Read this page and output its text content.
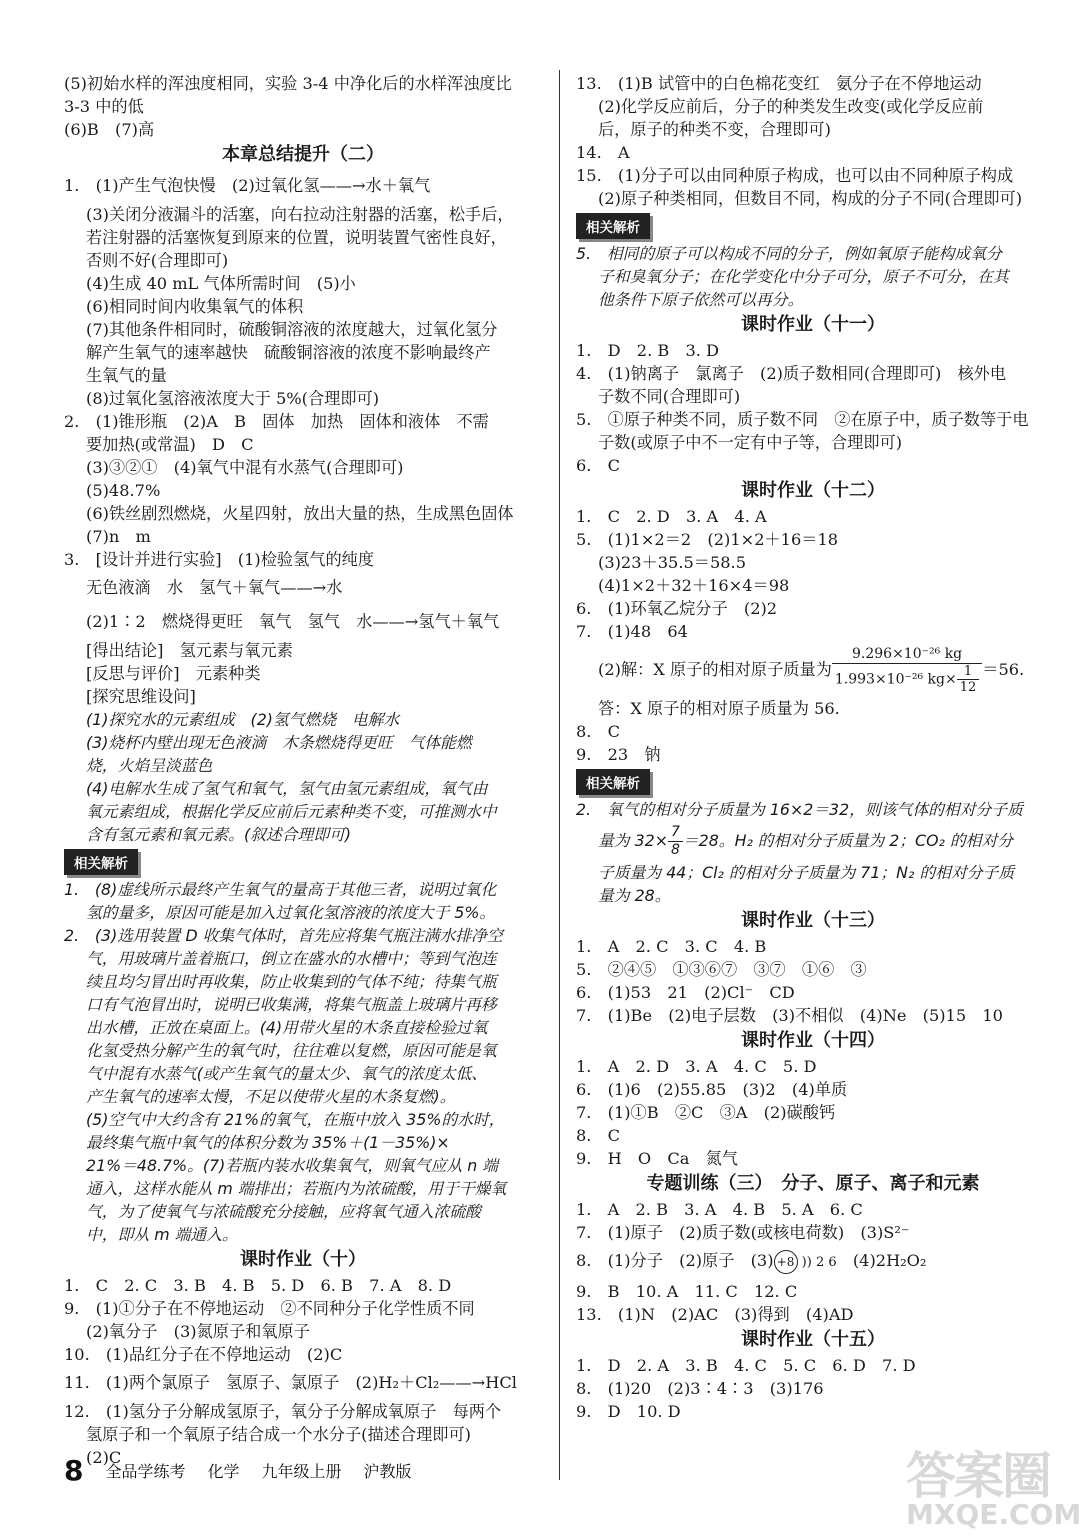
(5)初始水样的浑浊度相同，实验 3-4 中净化后的水样浑浊度比
3-3 中的低
(6)B　(7)高
本章总结提升（二）
1.　(1)产生气泡快慢　(2)过氧化氢
——→水＋氧气
(3)关闭分液漏斗的活塞，向右拉动注射器的活塞，松手后，
若注射器的活塞恢复到原来的位置，说明装置气密性良好，
否则不好(合理即可)
(4)生成 40 mL 气体所需时间　(5)小
(6)相同时间内收集氧气的体积
(7)其他条件相同时，硫酸铜溶液的浓度越大，过氧化氢分
解产生氧气的速率越快　硫酸铜溶液的浓度不影响最终产
生氧气的量
(8)过氧化氢溶液浓度大于 5%(合理即可)
2.　(1)锥形瓶　(2)A　B　固体　加热　固体和液体　不需
要加热(或常温)　D　C
(3)③②①　(4)氧气中混有水蒸气(合理即可)
(5)48.7%
(6)铁丝剧烈燃烧，火星四射，放出大量的热，生成黑色固体
(7)n　m
3.　[设计并进行实验]　(1)检验氢气的纯度
无色液滴　水　氢气＋氧气
——→水
(2)1∶2　燃烧得更旺　氧气　氢气　水
——→氢气＋氧气
[得出结论]　氢元素与氧元素
[反思与评价]　元素种类
[探究思维设问]
(1)探究水的元素组成　(2)氢气燃烧　电解水
(3)烧杯内壁出现无色液滴　木条燃烧得更旺　气体能燃
烧，火焰呈淡蓝色
(4)电解水生成了氢气和氧气，氢气由氢元素组成，氧气由
氧元素组成，根据化学反应前后元素种类不变，可推测水中
含有氢元素和氧元素。(叙述合理即可)
相关解析
1.　(8)虚线所示最终产生氧气的量高于其他三者，说明过氧化
氢的量多，原因可能是加入过氧化氢溶液的浓度大于 5%。
2.　(3)选用装置 D 收集气体时，首先应将集气瓶注满水排净空
气，用玻璃片盖着瓶口，倒立在盛水的水槽中；等到气泡连
续且均匀冒出时再收集，防止收集到的气体不纯；待集气瓶
口有气泡冒出时，说明已收集满，将集气瓶盖上玻璃片再移
出水槽，正放在桌面上。(4)用带火星的木条直接检验过氧
化氢受热分解产生的氧气时，往往难以复燃，原因可能是氧
气中混有水蒸气(或产生氧气的量太少、氧气的浓度太低、
产生氧气的速率太慢，不足以使带火星的木条复燃)。
(5)空气中大约含有 21%的氧气，在瓶中放入 35%的水时，
最终集气瓶中氧气的体积分数为 35%＋(1－35%)×
21%＝48.7%。(7)若瓶内装水收集氧气，则氧气应从 n 端
通入，这样水能从 m 端排出；若瓶内为浓硫酸，用于干燥氧
气，为了使氧气与浓硫酸充分接触，应将氧气通入浓硫酸
中，即从 m 端通入。
课时作业（十）
1.　C　2. C　3. B　4. B　5. D　6. B　7. A　8. D
9.　(1)①分子在不停地运动　②不同种分子化学性质不同
(2)氧分子　(3)氮原子和氧原子
10.　(1)品红分子在不停地运动　(2)C
11.　(1)两个氯原子　氢原子、氯原子　(2)H₂＋Cl₂
——→HCl
12.　(1)氢分子分解成氢原子，氧分子分解成氧原子　每两个
氢原子和一个氧原子结合成一个水分子(描述合理即可)
(2)C
13.　(1)B 试管中的白色棉花变红　氨分子在不停地运动
(2)化学反应前后，分子的种类发生改变(或化学反应前
后，原子的种类不变，合理即可)
14.　A
15.　(1)分子可以由同种原子构成，也可以由不同种原子构成
(2)原子种类相同，但数目不同，构成的分子不同(合理即可)
相关解析
5.　相同的原子可以构成不同的分子，例如氧原子能构成氧分
子和臭氧分子；在化学变化中分子可分，原子不可分，在其
他条件下原子依然可以再分。
课时作业（十一）
1.　D　2. B　3. D
4.　(1)钠离子　氯离子　(2)质子数相同(合理即可)　核外电
子数不同(合理即可)
5.　①原子种类不同，质子数不同　②在原子中，质子数等于电
子数(或原子中不一定有中子等，合理即可)
6.　C
课时作业（十二）
1.　C　2. D　3. A　4. A
5.　(1)1×2＝2　(2)1×2＋16＝18
(3)23＋35.5＝58.5
(4)1×2＋32＋16×4＝98
6.　(1)环氧乙烷分子　(2)2
7.　(1)48　64
(2)解：X 原子的相对原子质量为 $\frac{\text{9.296×10⁻²⁶ kg}}{1.993\times 10^{-26} kg\times \frac{1}{12}} =56$.
答：X 原子的相对原子质量为 56.
8.　C
9.　23　钠
相关解析
2.　氧气的相对分子质量为 16×2＝32，则该气体的相对分子质
量为 $32\times \frac{7}{8} =28$。H₂ 的相对分子质量为 2；CO₂ 的相对分
子质量为 44；Cl₂ 的相对分子质量为 71；N₂ 的相对分子质
量为 28。
课时作业（十三）
1.　A　2. C　3. C　4. B
5.　②④⑤　①③⑥⑦　③⑦　①⑥　③
6.　(1)53　21　(2)Cl⁻　CD
7.　(1)Be　(2)电子层数　(3)不相似　(4)Ne　(5)15　10
课时作业（十四）
1.　A　2. D　3. A　4. C　5. D
6.　(1)6　(2)55.85　(3)2　(4)单质
7.　(1)①B　②C　③A　(2)碳酸钙
8.　C
9.　H　O　Ca　氮气
专题训练（三）　分子、原子、离子和元素
1.　A　2. B　3. A　4. B　5. A　6. C
7.　(1)原子　(2)质子数(或核电荷数)　(3)S²⁻
8.　(1)分子　(2)原子　(3) +8 )) 2 6　 (4)2H₂O₂
9.　B　10. A　11. C　12. C
13.　(1)N　(2)AC　(3)得到　(4)AD
课时作业（十五）
1.　D　2. A　3. B　4. C　5. C　6. D　7. D
8.　(1)20　(2)3∶4∶3　(3)176
9.　D　10. D
8 全品学练考 化学 九年级上册 沪教版	答案圈
MXQE.COM
